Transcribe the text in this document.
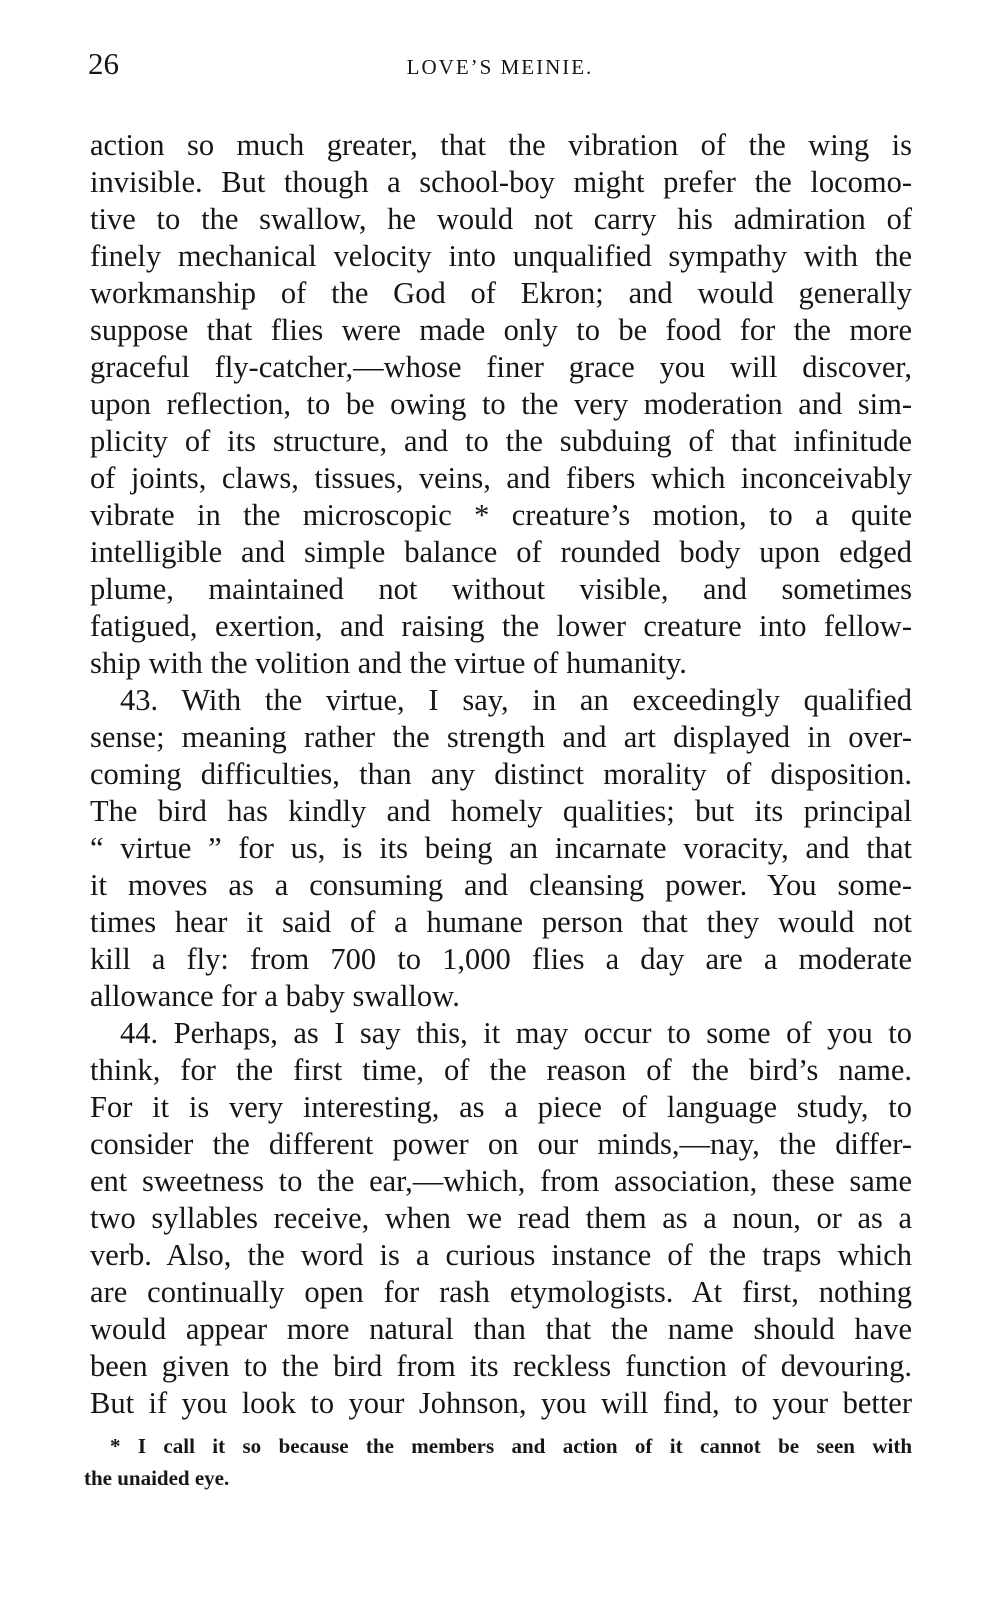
26	LOVE’S MEINIE.
action so much greater, that the vibration of the wing is
invisible. But though a school-boy might prefer the locomo-
tive to the swallow, he would not carry his admiration of
finely mechanical velocity into unqualified sympathy with the
workmanship of the God of Ekron; and would generally
suppose that flies were made only to be food for the more
graceful fly-catcher,—whose finer grace you will discover,
upon reflection, to be owing to the very moderation and sim-
plicity of its structure, and to the subduing of that infinitude
of joints, claws, tissues, veins, and fibers which inconceivably
vibrate in the microscopic * creature’s motion, to a quite
intelligible and simple balance of rounded body upon edged
plume, maintained not without visible, and sometimes
fatigued, exertion, and raising the lower creature into fellow-
ship with the volition and the virtue of humanity.
43. With the virtue, I say, in an exceedingly qualified
sense; meaning rather the strength and art displayed in over-
coming difficulties, than any distinct morality of disposition.
The bird has kindly and homely qualities; but its principal
“ virtue ” for us, is its being an incarnate voracity, and that
it moves as a consuming and cleansing power. You some-
times hear it said of a humane person that they would not
kill a fly: from 700 to 1,000 flies a day are a moderate
allowance for a baby swallow.
44. Perhaps, as I say this, it may occur to some of you to
think, for the first time, of the reason of the bird’s name.
For it is very interesting, as a piece of language study, to
consider the different power on our minds,—nay, the differ-
ent sweetness to the ear,—which, from association, these same
two syllables receive, when we read them as a noun, or as a
verb. Also, the word is a curious instance of the traps which
are continually open for rash etymologists. At first, nothing
would appear more natural than that the name should have
been given to the bird from its reckless function of devouring.
But if you look to your Johnson, you will find, to your better
* I call it so because the members and action of it cannot be seen with
the unaided eye.
